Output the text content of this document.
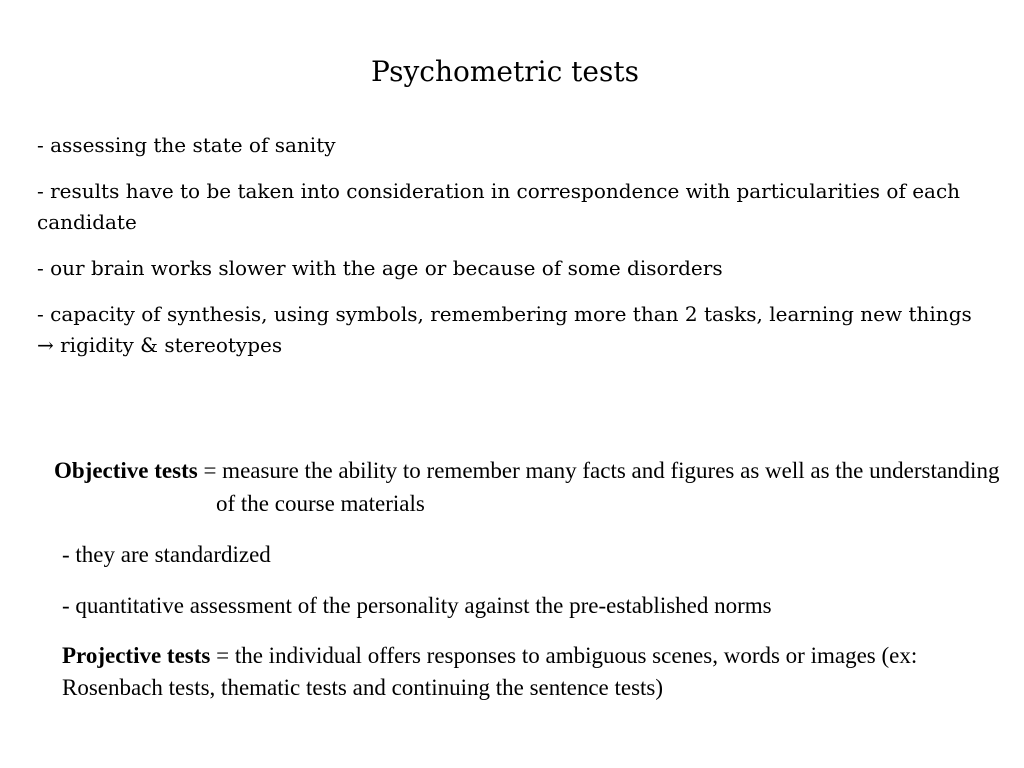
Psychometric tests
- assessing the state of sanity
- results have to be taken into consideration in correspondence with particularities of each candidate
- our brain works slower with the age or because of some disorders
- capacity of synthesis, using symbols, remembering more than 2 tasks, learning new things → rigidity & stereotypes
Objective tests = measure the ability to remember many facts and figures as well as the understanding of the course materials
- they are standardized
- quantitative assessment of the personality against the pre-established norms
Projective tests = the individual offers responses to ambiguous scenes, words or images (ex: Rosenbach tests, thematic tests and continuing the sentence tests)
